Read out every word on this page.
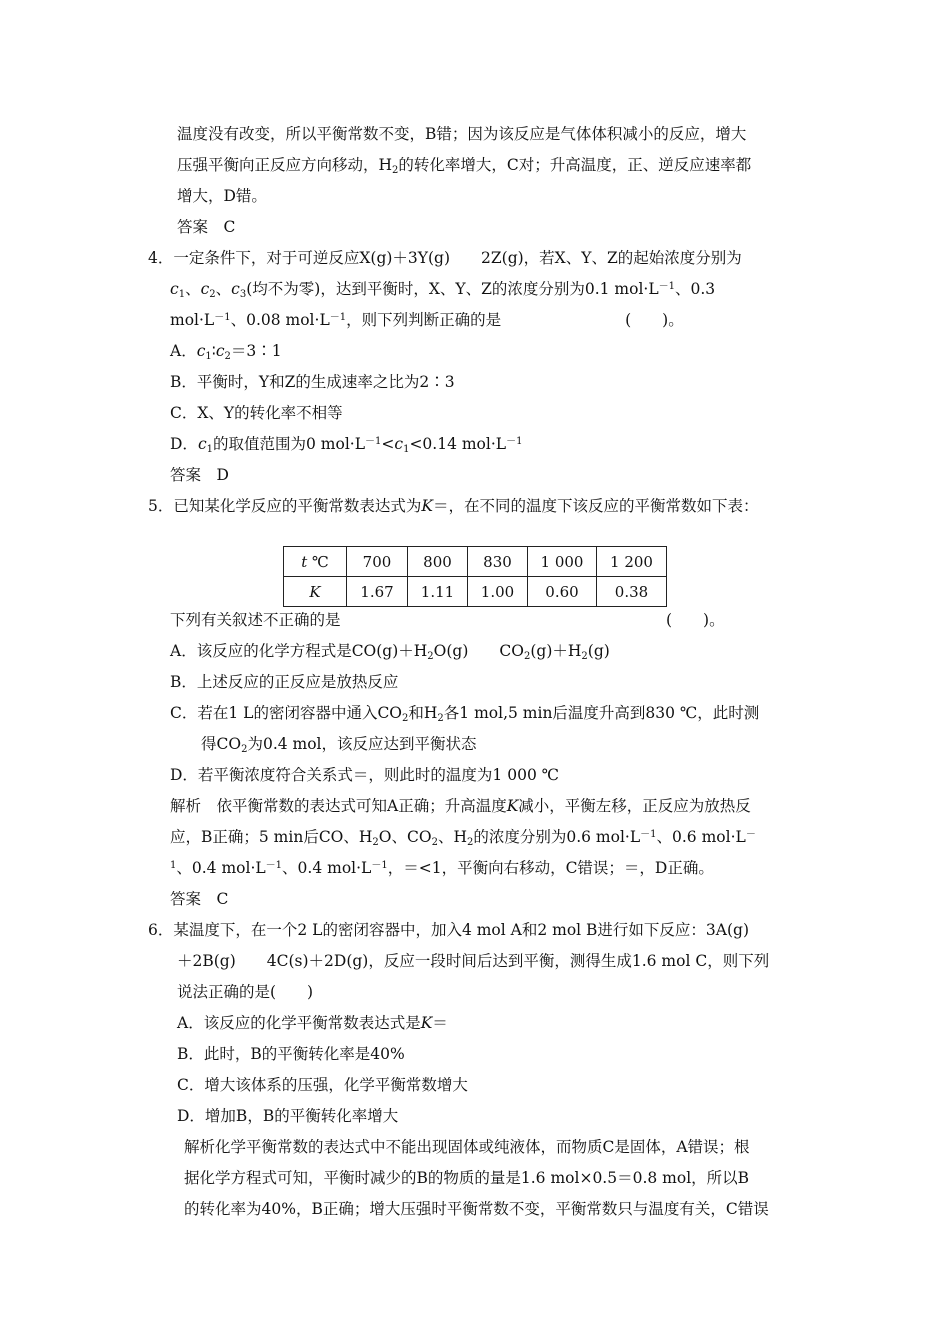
温度没有改变，所以平衡常数不变，B错；因为该反应是气体体积减小的反应，增大
压强平衡向正反应方向移动，$H_2$的转化率增大，C对；升高温度，正、逆反应速率都
增大，D错。
答案　C
4．一定条件下，对于可逆反应X(g)＋3Y(g)　　2Z(g)，若X、Y、Z的起始浓度分别为
$c_1$、$c_2$、$c_3$(均不为零)，达到平衡时，X、Y、Z的浓度分别为0.1 $mol\cdot L^{-1}$、0.3
$mol\cdot L^{-1}$、0.08 $mol\cdot L^{-1}$，则下列判断正确的是　　　　　　　　(　　)。
A．$c_1∶c_2=3∶1$
B．平衡时，Y和Z的生成速率之比为2∶3
C．X、Y的转化率不相等
D．$c_1$的取值范围为0 $mol\cdot L^{-1}<c_1<0.14$ $mol\cdot L^{-1}$
答案　D
5．已知某化学反应的平衡常数表达式为K＝，在不同的温度下该反应的平衡常数如下表：
t ℃	700	800	830	1 000	1 200
K	1.67	1.11	1.00	0.60	0.38
下列有关叙述不正确的是　　　　　　　　　　　　　　　　　　　　　(　　)。
A．该反应的化学方程式是$CO(g)+H_2O(g)$　　$CO_2(g)+H_2(g)$
B．上述反应的正反应是放热反应
C．若在1 L的密闭容器中通入$CO_2$和$H_2$各1 mol,5 min后温度升高到830 ℃，此时测
得$CO_2$为0.4 mol，该反应达到平衡状态
D．若平衡浓度符合关系式＝，则此时的温度为1 000 ℃
解析　依平衡常数的表达式可知A正确；升高温度K减小，平衡左移，正反应为放热反
应，B正确；5 min后CO、$H_2O$、$CO_2$、$H_2$的浓度分别为0.6 $mol\cdot L^{-1}$、0.6 mol·L－
$^1$、0.4 $mol\cdot L^{-1}$、0.4 $mol\cdot L^{-1}$，＝<1，平衡向右移动，C错误；＝，D正确。
答案　C
6．某温度下，在一个2 L的密闭容器中，加入4 mol A和2 mol B进行如下反应：3A(g)
＋2B(g)　　4C(s)＋2D(g)，反应一段时间后达到平衡，测得生成1.6 mol C，则下列
说法正确的是(　　)
A．该反应的化学平衡常数表达式是K＝
B．此时，B的平衡转化率是40%
C．增大该体系的压强，化学平衡常数增大
D．增加B，B的平衡转化率增大
解析化学平衡常数的表达式中不能出现固体或纯液体，而物质C是固体，A错误；根
据化学方程式可知，平衡时减少的B的物质的量是1.6 mol×0.5＝0.8 mol，所以B
的转化率为40%，B正确；增大压强时平衡常数不变，平衡常数只与温度有关，C错误
